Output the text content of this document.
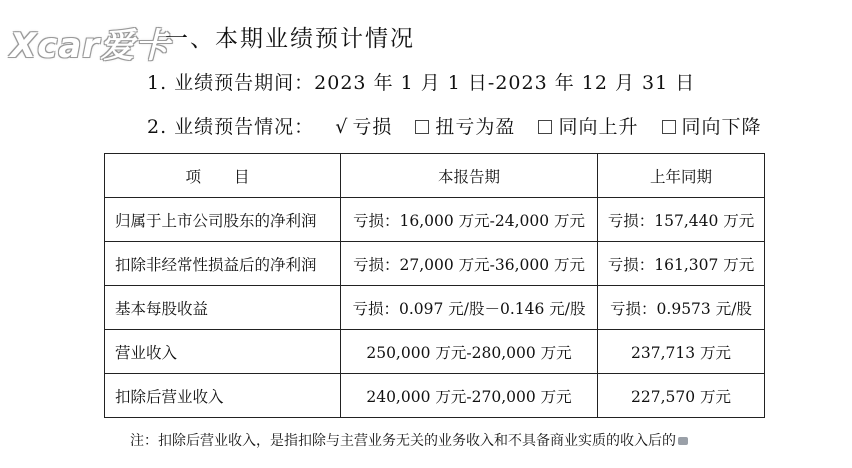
Xcar爱卡
一、本期业绩预计情况
1. 业绩预告期间：2023 年 1 月 1 日-2023 年 12 月 31 日
2. 业绩预告情况： √ 亏损 扭亏为盈 同向上升 同向下降
项 目	本报告期	上年同期
归属于上市公司股东的净利润	亏损：16,000 万元-24,000 万元	亏损：157,440 万元
扣除非经常性损益后的净利润	亏损：27,000 万元-36,000 万元	亏损：161,307 万元
基本每股收益	亏损：0.097 元/股－0.146 元/股	亏损：0.9573 元/股
营业收入	250,000 万元-280,000 万元	237,713 万元
扣除后营业收入	240,000 万元-270,000 万元	227,570 万元
注：扣除后营业收入，是指扣除与主营业务无关的业务收入和不具备商业实质的收入后的
